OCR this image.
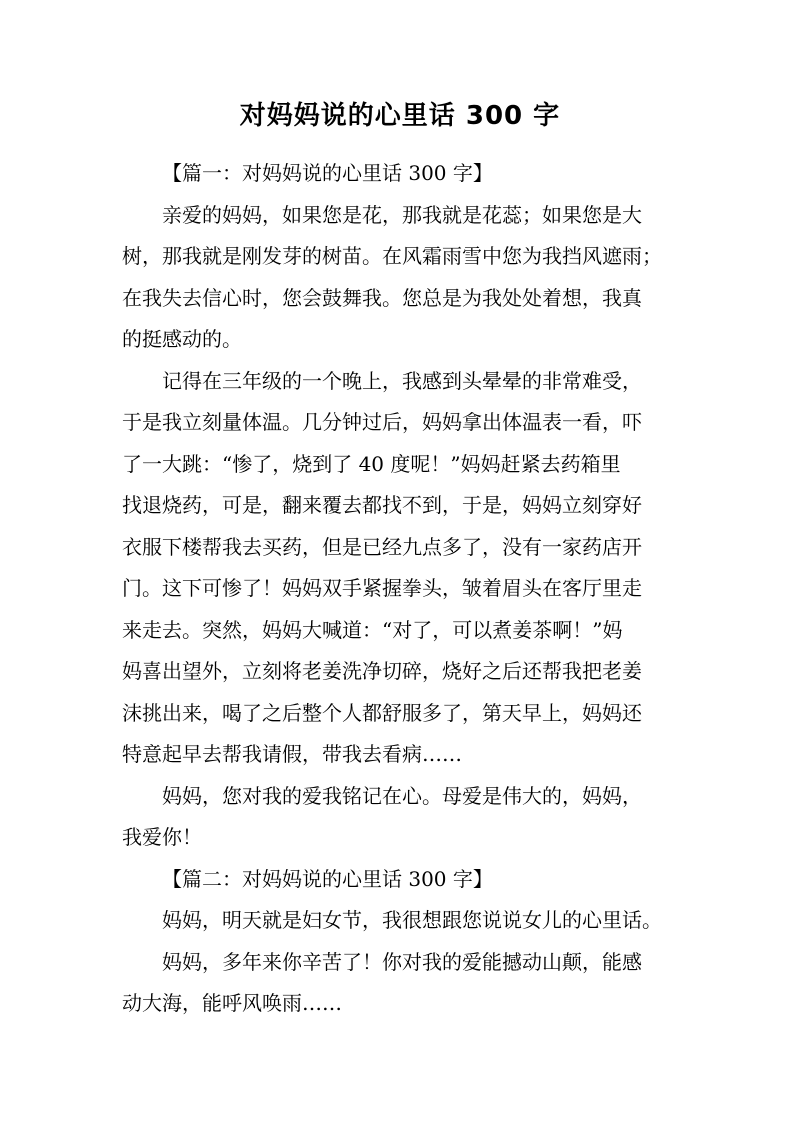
对妈妈说的心里话 300 字
【篇一：对妈妈说的心里话 300 字】
亲爱的妈妈，如果您是花，那我就是花蕊；如果您是大
树，那我就是刚发芽的树苗。在风霜雨雪中您为我挡风遮雨；
在我失去信心时，您会鼓舞我。您总是为我处处着想，我真
的挺感动的。
记得在三年级的一个晚上，我感到头晕晕的非常难受，
于是我立刻量体温。几分钟过后，妈妈拿出体温表一看，吓
了一大跳：“惨了，烧到了 40 度呢！”妈妈赶紧去药箱里
找退烧药，可是，翻来覆去都找不到，于是，妈妈立刻穿好
衣服下楼帮我去买药，但是已经九点多了，没有一家药店开
门。这下可惨了！妈妈双手紧握拳头，皱着眉头在客厅里走
来走去。突然，妈妈大喊道：“对了，可以煮姜茶啊！”妈
妈喜出望外，立刻将老姜洗净切碎，烧好之后还帮我把老姜
沫挑出来，喝了之后整个人都舒服多了，第天早上，妈妈还
特意起早去帮我请假，带我去看病……
妈妈，您对我的爱我铭记在心。母爱是伟大的，妈妈，
我爱你！
【篇二：对妈妈说的心里话 300 字】
妈妈，明天就是妇女节，我很想跟您说说女儿的心里话。
妈妈，多年来你辛苦了！你对我的爱能撼动山颠，能感
动大海，能呼风唤雨……
